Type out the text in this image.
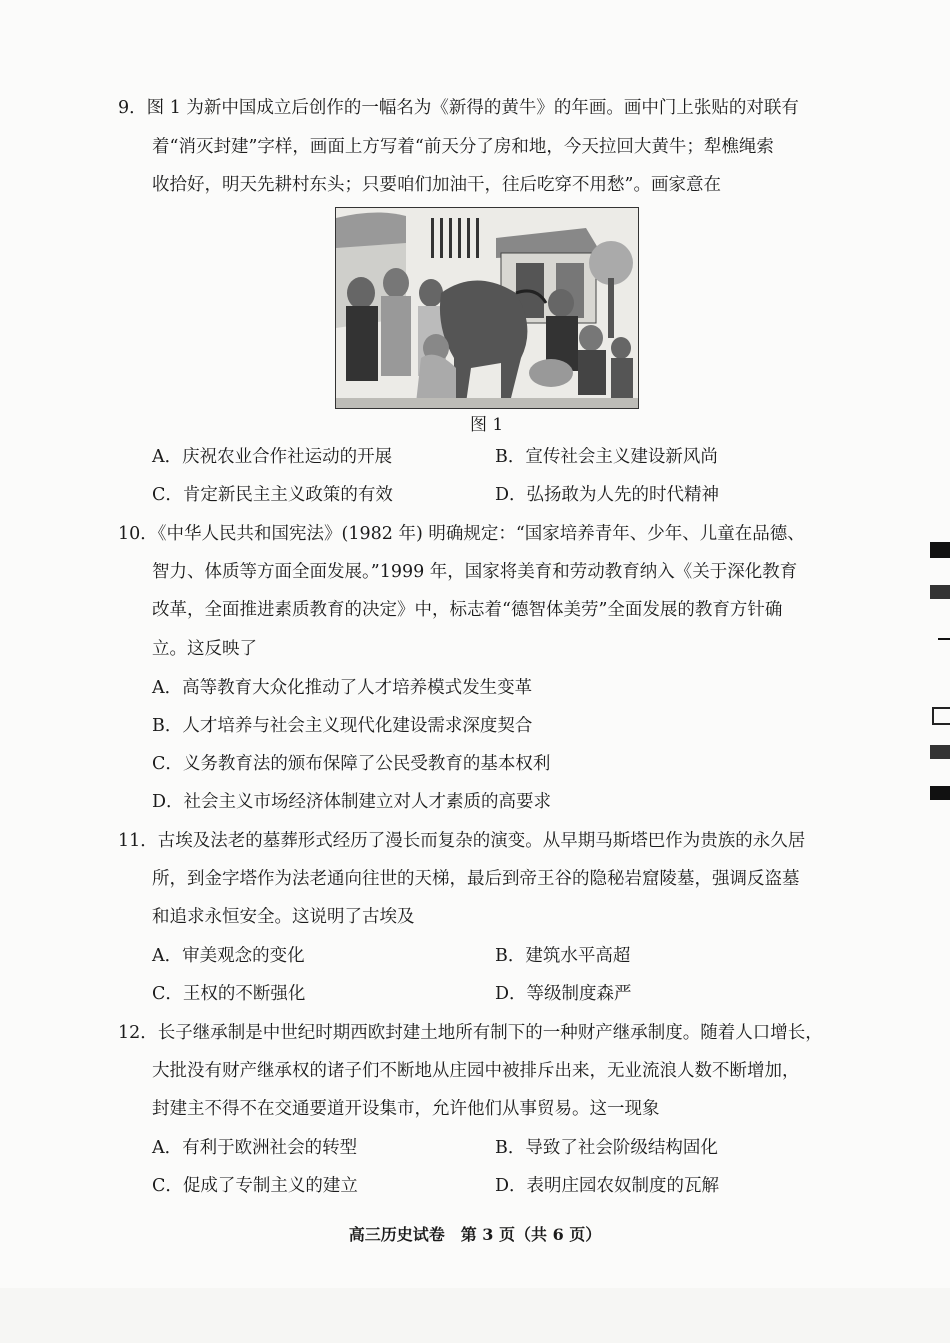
9．图 1 为新中国成立后创作的一幅名为《新得的黄牛》的年画。画中门上张贴的对联有
着“消灭封建”字样，画面上方写着“前天分了房和地，今天拉回大黄牛；犁樵绳索
收拾好，明天先耕村东头；只要咱们加油干，往后吃穿不用愁”。画家意在
图 1
A．庆祝农业合作社运动的开展	B．宣传社会主义建设新风尚
C．肯定新民主主义政策的有效	D．弘扬敢为人先的时代精神
10．《中华人民共和国宪法》(1982 年) 明确规定：“国家培养青年、少年、儿童在品德、
智力、体质等方面全面发展。”1999 年，国家将美育和劳动教育纳入《关于深化教育
改革，全面推进素质教育的决定》中，标志着“德智体美劳”全面发展的教育方针确
立。这反映了
A．高等教育大众化推动了人才培养模式发生变革
B．人才培养与社会主义现代化建设需求深度契合
C．义务教育法的颁布保障了公民受教育的基本权利
D．社会主义市场经济体制建立对人才素质的高要求
11．古埃及法老的墓葬形式经历了漫长而复杂的演变。从早期马斯塔巴作为贵族的永久居
所，到金字塔作为法老通向往世的天梯，最后到帝王谷的隐秘岩窟陵墓，强调反盗墓
和追求永恒安全。这说明了古埃及
A．审美观念的变化	B．建筑水平高超
C．王权的不断强化	D．等级制度森严
12．长子继承制是中世纪时期西欧封建土地所有制下的一种财产继承制度。随着人口增长，
大批没有财产继承权的诸子们不断地从庄园中被排斥出来，无业流浪人数不断增加，
封建主不得不在交通要道开设集市，允许他们从事贸易。这一现象
A．有利于欧洲社会的转型	B．导致了社会阶级结构固化
C．促成了专制主义的建立	D．表明庄园农奴制度的瓦解
高三历史试卷　第 3 页（共 6 页）
